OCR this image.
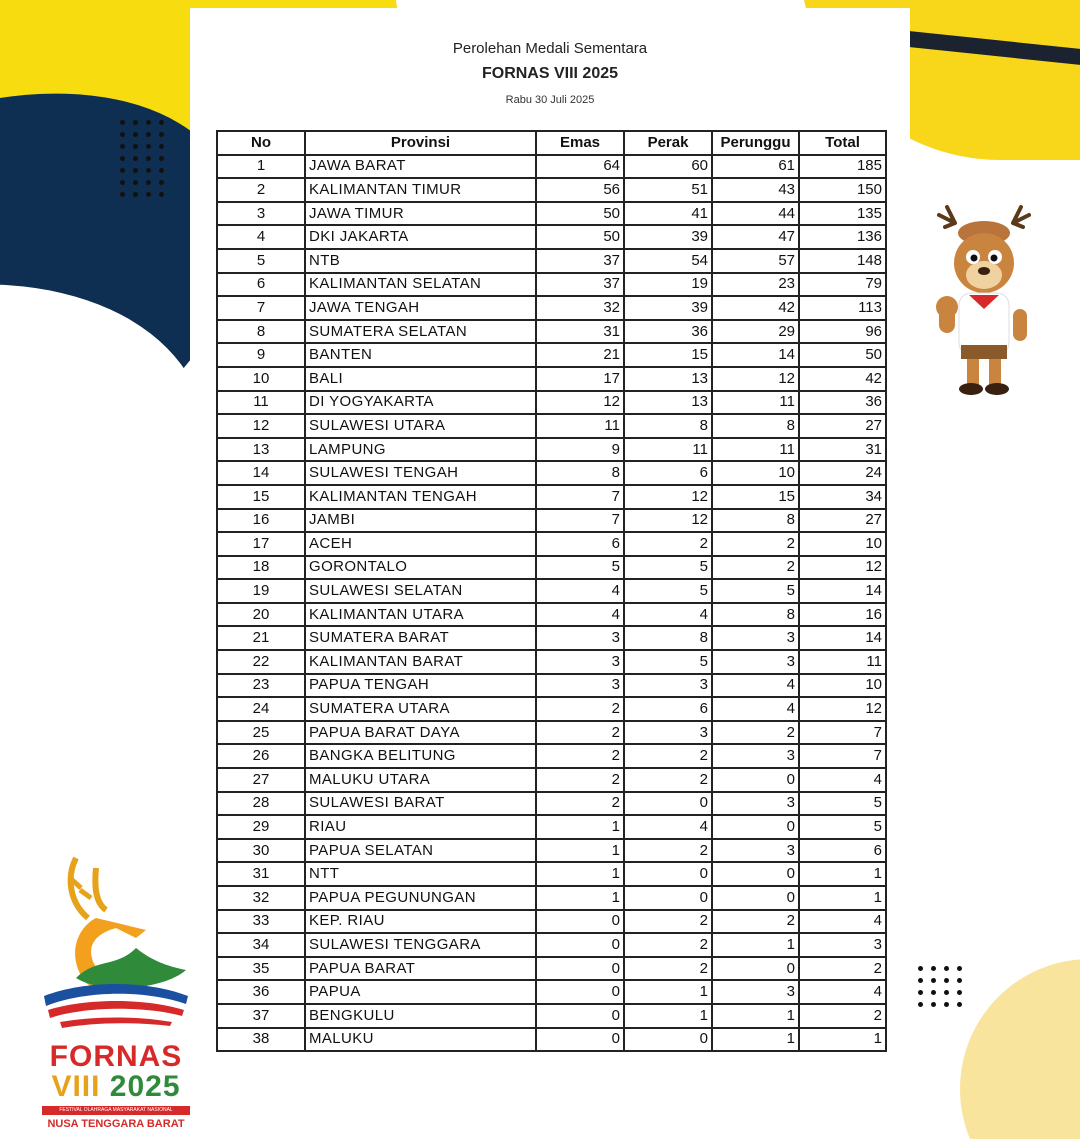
Perolehan Medali Sementara
FORNAS VIII 2025
Rabu 30 Juli 2025
No	Provinsi	Emas	Perak	Perunggu	Total
1	JAWA BARAT	64	60	61	185
2	KALIMANTAN TIMUR	56	51	43	150
3	JAWA TIMUR	50	41	44	135
4	DKI JAKARTA	50	39	47	136
5	NTB	37	54	57	148
6	KALIMANTAN SELATAN	37	19	23	79
7	JAWA TENGAH	32	39	42	113
8	SUMATERA SELATAN	31	36	29	96
9	BANTEN	21	15	14	50
10	BALI	17	13	12	42
11	DI YOGYAKARTA	12	13	11	36
12	SULAWESI UTARA	11	8	8	27
13	LAMPUNG	9	11	11	31
14	SULAWESI TENGAH	8	6	10	24
15	KALIMANTAN TENGAH	7	12	15	34
16	JAMBI	7	12	8	27
17	ACEH	6	2	2	10
18	GORONTALO	5	5	2	12
19	SULAWESI SELATAN	4	5	5	14
20	KALIMANTAN UTARA	4	4	8	16
21	SUMATERA BARAT	3	8	3	14
22	KALIMANTAN BARAT	3	5	3	11
23	PAPUA TENGAH	3	3	4	10
24	SUMATERA UTARA	2	6	4	12
25	PAPUA BARAT DAYA	2	3	2	7
26	BANGKA BELITUNG	2	2	3	7
27	MALUKU UTARA	2	2	0	4
28	SULAWESI BARAT	2	0	3	5
29	RIAU	1	4	0	5
30	PAPUA SELATAN	1	2	3	6
31	NTT	1	0	0	1
32	PAPUA PEGUNUNGAN	1	0	0	1
33	KEP. RIAU	0	2	2	4
34	SULAWESI TENGGARA	0	2	1	3
35	PAPUA BARAT	0	2	0	2
36	PAPUA	0	1	3	4
37	BENGKULU	0	1	1	2
38	MALUKU	0	0	1	1
FORNAS
VIII 2025
FESTIVAL OLAHRAGA MASYARAKAT NASIONAL
NUSA TENGGARA BARAT
